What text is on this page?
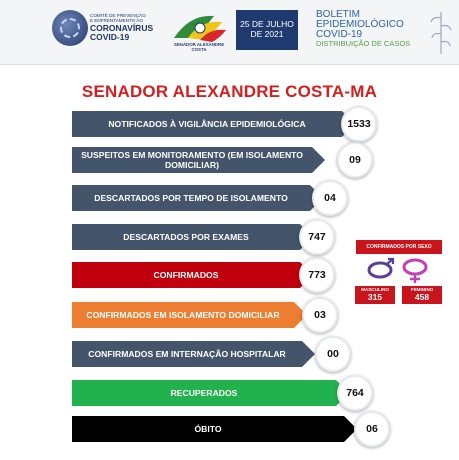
COMITÊ DE PREVENÇÃO
E ENFRENTAMENTO AO
CORONAVÍRUS
COVID-19
SENADOR ALEXANDRE COSTA
25 DE JULHO
DE 2021
BOLETIM
EPIDEMIOLÓGICO
COVID-19
DISTRIBUIÇÃO DE CASOS
SENADOR ALEXANDRE COSTA-MA
NOTIFICADOS À VIGILÂNCIA EPIDEMIOLÓGICA	1533
SUSPEITOS EM MONITORAMENTO (EM ISOLAMENTO DOMICILIAR)	09
DESCARTADOS POR TEMPO DE ISOLAMENTO	04
DESCARTADOS POR EXAMES	747
CONFIRMADOS	773
CONFIRMADOS EM ISOLAMENTO DOMICILIAR	03
CONFIRMADOS EM INTERNAÇÃO HOSPITALAR	00
RECUPERADOS	764
ÓBITO	06
CONFIRMADOS POR SEXO
MASCULINO
315
FEMININO
458
